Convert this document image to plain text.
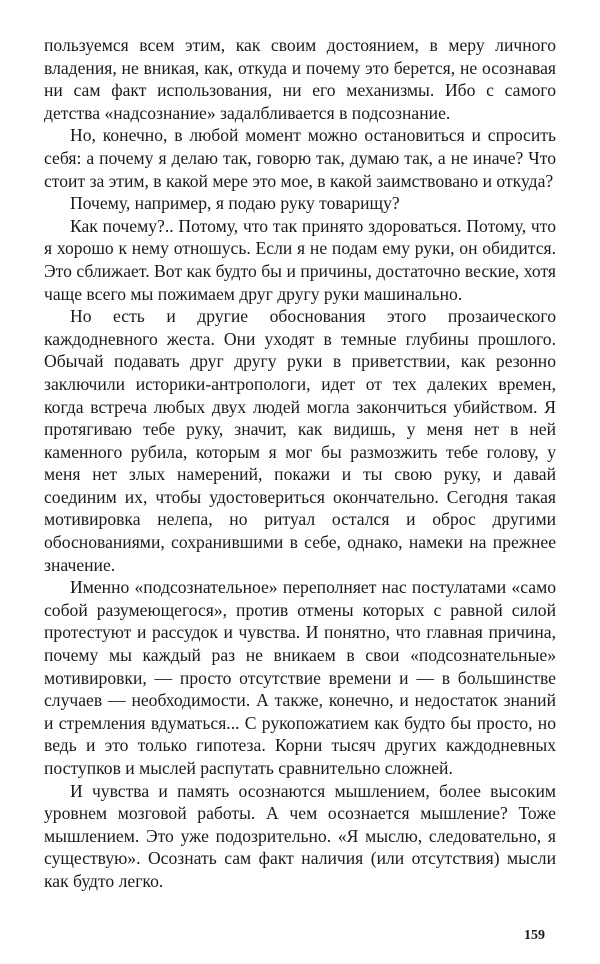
пользуемся всем этим, как своим достоянием, в меру личного владения, не вникая, как, откуда и почему это берется, не осознавая ни сам факт использования, ни его механизмы. Ибо с самого детства «надсознание» задалбливается в подсознание.

Но, конечно, в любой момент можно остановиться и спросить себя: а почему я делаю так, говорю так, думаю так, а не иначе? Что стоит за этим, в какой мере это мое, в какой заимствовано и откуда?

Почему, например, я подаю руку товарищу?

Как почему?.. Потому, что так принято здороваться. Потому, что я хорошо к нему отношусь. Если я не подам ему руки, он обидится. Это сближает. Вот как будто бы и причины, достаточно веские, хотя чаще всего мы пожимаем друг другу руки машинально.

Но есть и другие обоснования этого прозаического каждодневного жеста. Они уходят в темные глубины прошлого. Обычай подавать друг другу руки в приветствии, как резонно заключили историки-антропологи, идет от тех далеких времен, когда встреча любых двух людей могла закончиться убийством. Я протягиваю тебе руку, значит, как видишь, у меня нет в ней каменного рубила, которым я мог бы размозжить тебе голову, у меня нет злых намерений, покажи и ты свою руку, и давай соединим их, чтобы удостовериться окончательно. Сегодня такая мотивировка нелепа, но ритуал остался и оброс другими обоснованиями, сохранившими в себе, однако, намеки на прежнее значение.

Именно «подсознательное» переполняет нас постулатами «само собой разумеющегося», против отмены которых с равной силой протестуют и рассудок и чувства. И понятно, что главная причина, почему мы каждый раз не вникаем в свои «подсознательные» мотивировки, — просто отсутствие времени и — в большинстве случаев — необходимости. А также, конечно, и недостаток знаний и стремления вдуматься... С рукопожатием как будто бы просто, но ведь и это только гипотеза. Корни тысяч других каждодневных поступков и мыслей распутать сравнительно сложней.

И чувства и память осознаются мышлением, более высоким уровнем мозговой работы. А чем осознается мышление? Тоже мышлением. Это уже подозрительно. «Я мыслю, следовательно, я существую». Осознать сам факт наличия (или отсутствия) мысли как будто легко.

159
